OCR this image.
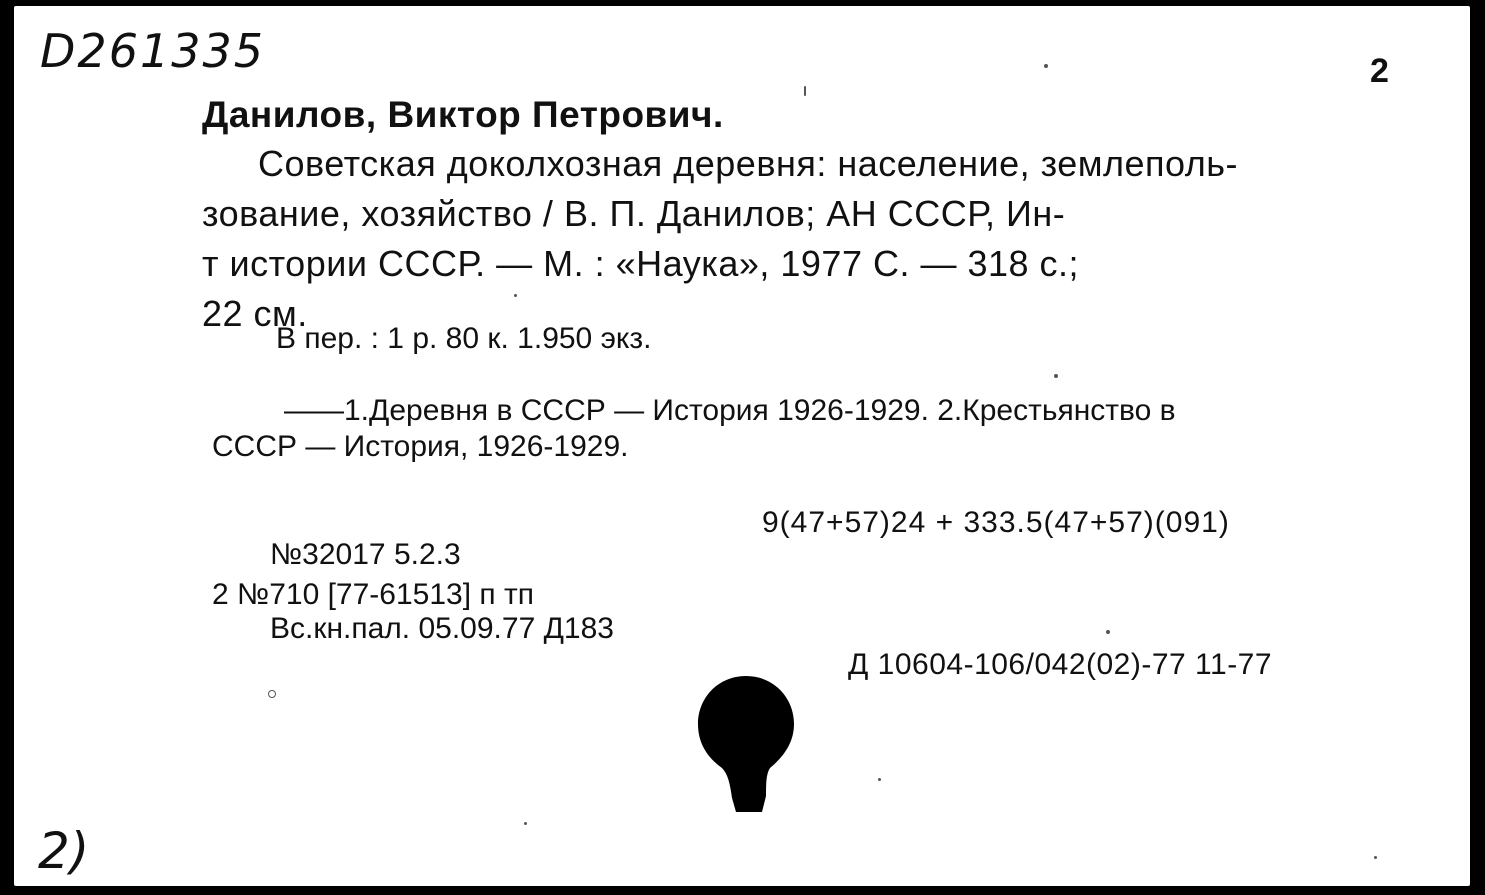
D261335	2
Данилов, Виктор Петрович.
Советская доколхозная деревня: население, землеполь-
зование, хозяйство / В. П. Данилов; АН СССР, Ин-
т истории СССР. — М. : «Наука», 1977 С. — 318 с.;
22 см.
В пер. : 1 р. 80 к. 1.950 экз.
——1.Деревня в СССР — История 1926-1929. 2.Крестьянство в
СССР — История, 1926-1929.
9(47+57)24 + 333.5(47+57)(091)
№32017 5.2.3
2 №710 [77-61513] п тп
Вс.кн.пал. 05.09.77 Д183
Д 10604-106/042(02)-77 11-77
2)
